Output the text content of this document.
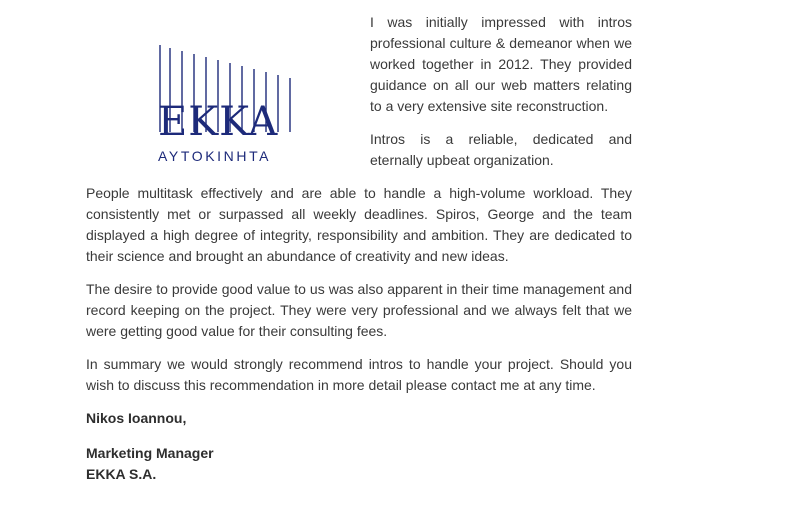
EKKA
ΑΥΤΟΚΙΝΗΤΑ

I was initially impressed with intros professional culture & demeanor when we worked together in 2012. They provided guidance on all our web matters relating to a very extensive site reconstruction.

Intros is a reliable, dedicated and eternally upbeat organization.

People multitask effectively and are able to handle a high-volume workload. They consistently met or surpassed all weekly deadlines. Spiros, George and the team displayed a high degree of integrity, responsibility and ambition. They are dedicated to their science and brought an abundance of creativity and new ideas.

The desire to provide good value to us was also apparent in their time management and record keeping on the project. They were very professional and we always felt that we were getting good value for their consulting fees.

In summary we would strongly recommend intros to handle your project. Should you wish to discuss this recommendation in more detail please contact me at any time.

Nikos Ioannou,
Marketing Manager
EKKA S.A.
